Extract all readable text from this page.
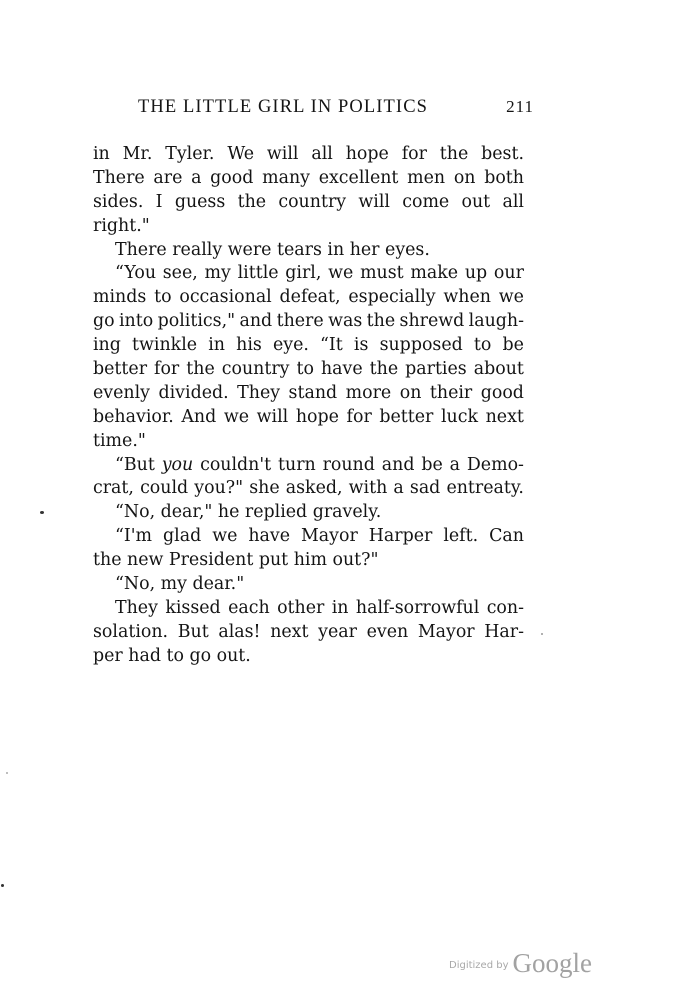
THE LITTLE GIRL IN POLITICS	211
in Mr. Tyler. We will all hope for the best.
There are a good many excellent men on both
sides. I guess the country will come out all
right."
There really were tears in her eyes.
“You see, my little girl, we must make up our
minds to occasional defeat, especially when we
go into politics," and there was the shrewd laugh-
ing twinkle in his eye. “It is supposed to be
better for the country to have the parties about
evenly divided. They stand more on their good
behavior. And we will hope for better luck next
time."
“But you couldn't turn round and be a Demo-
crat, could you?" she asked, with a sad entreaty.
“No, dear," he replied gravely.
“I'm glad we have Mayor Harper left. Can
the new President put him out?"
“No, my dear."
They kissed each other in half-sorrowful con-
solation. But alas! next year even Mayor Har-
per had to go out.
$^{Digitized by}$ Google
